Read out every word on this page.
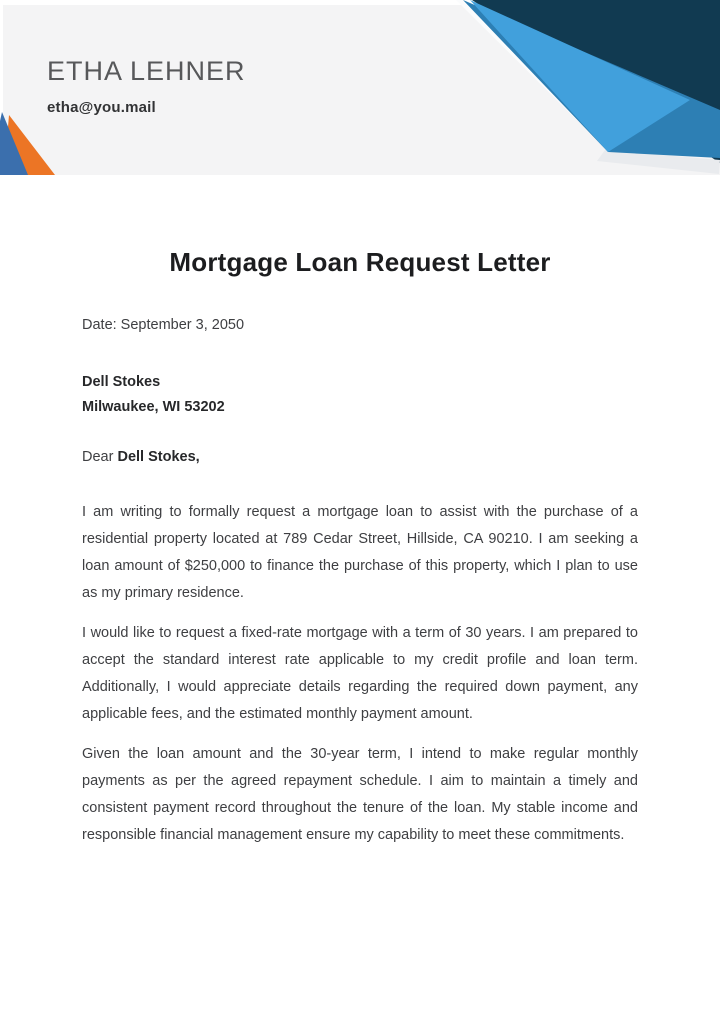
ETHA LEHNER
etha@you.mail
Mortgage Loan Request Letter

Date: September 3, 2050

Dell Stokes
Milwaukee, WI 53202

Dear Dell Stokes,

I am writing to formally request a mortgage loan to assist with the purchase of a residential property located at 789 Cedar Street, Hillside, CA 90210. I am seeking a loan amount of $250,000 to finance the purchase of this property, which I plan to use as my primary residence.

I would like to request a fixed-rate mortgage with a term of 30 years. I am prepared to accept the standard interest rate applicable to my credit profile and loan term. Additionally, I would appreciate details regarding the required down payment, any applicable fees, and the estimated monthly payment amount.

Given the loan amount and the 30-year term, I intend to make regular monthly payments as per the agreed repayment schedule. I aim to maintain a timely and consistent payment record throughout the tenure of the loan. My stable income and responsible financial management ensure my capability to meet these commitments.
